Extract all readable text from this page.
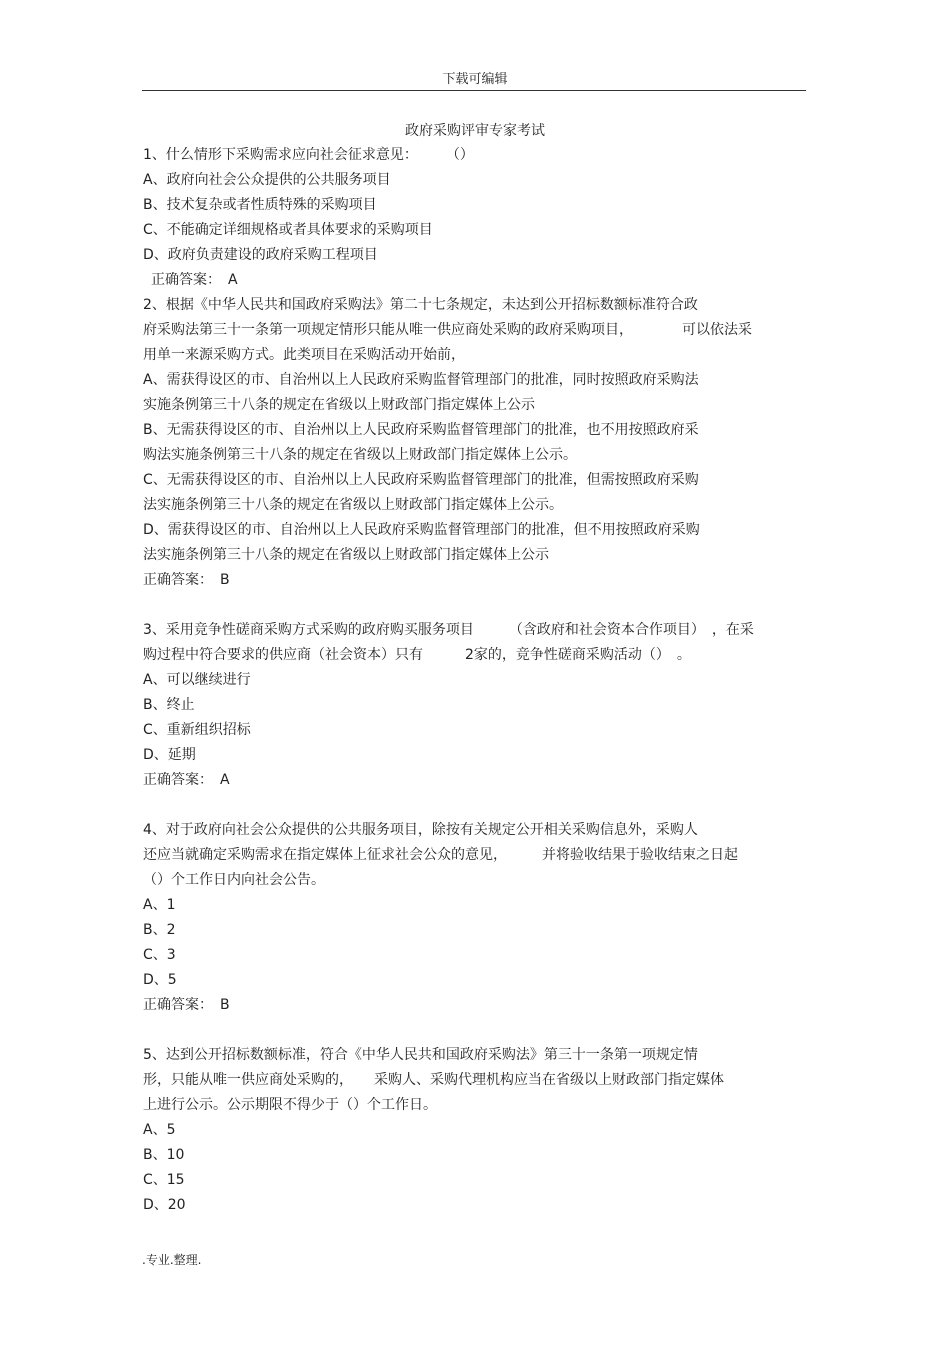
下载可编辑
政府采购评审专家考试
1、什么情形下采购需求应向社会征求意见：　　　（）
A、政府向社会公众提供的公共服务项目
B、技术复杂或者性质特殊的采购项目
C、不能确定详细规格或者具体要求的采购项目
D、政府负责建设的政府采购工程项目
正确答案：　A
2、根据《中华人民共和国政府采购法》第二十七条规定，未达到公开招标数额标准符合政
府采购法第三十一条第一项规定情形只能从唯一供应商处采购的政府采购项目，　　　　可以依法采
用单一来源采购方式。此类项目在采购活动开始前，
A、需获得设区的市、自治州以上人民政府采购监督管理部门的批准，同时按照政府采购法
实施条例第三十八条的规定在省级以上财政部门指定媒体上公示
B、无需获得设区的市、自治州以上人民政府采购监督管理部门的批准，也不用按照政府采
购法实施条例第三十八条的规定在省级以上财政部门指定媒体上公示。
C、无需获得设区的市、自治州以上人民政府采购监督管理部门的批准，但需按照政府采购
法实施条例第三十八条的规定在省级以上财政部门指定媒体上公示。
D、需获得设区的市、自治州以上人民政府采购监督管理部门的批准，但不用按照政府采购
法实施条例第三十八条的规定在省级以上财政部门指定媒体上公示
正确答案：　B
3、采用竞争性磋商采购方式采购的政府购买服务项目　　　（含政府和社会资本合作项目）　，在采
购过程中符合要求的供应商（社会资本）只有　　　2家的，竞争性磋商采购活动（）　。
A、可以继续进行
B、终止
C、重新组织招标
D、延期
正确答案：　A
4、对于政府向社会公众提供的公共服务项目，除按有关规定公开相关采购信息外，采购人
还应当就确定采购需求在指定媒体上征求社会公众的意见，　　　并将验收结果于验收结束之日起
（）个工作日内向社会公告。
A、1
B、2
C、3
D、5
正确答案：　B
5、达到公开招标数额标准，符合《中华人民共和国政府采购法》第三十一条第一项规定情
形，只能从唯一供应商处采购的，　　采购人、采购代理机构应当在省级以上财政部门指定媒体
上进行公示。公示期限不得少于（）个工作日。
A、5
B、10
C、15
D、20
.专业.整理.
